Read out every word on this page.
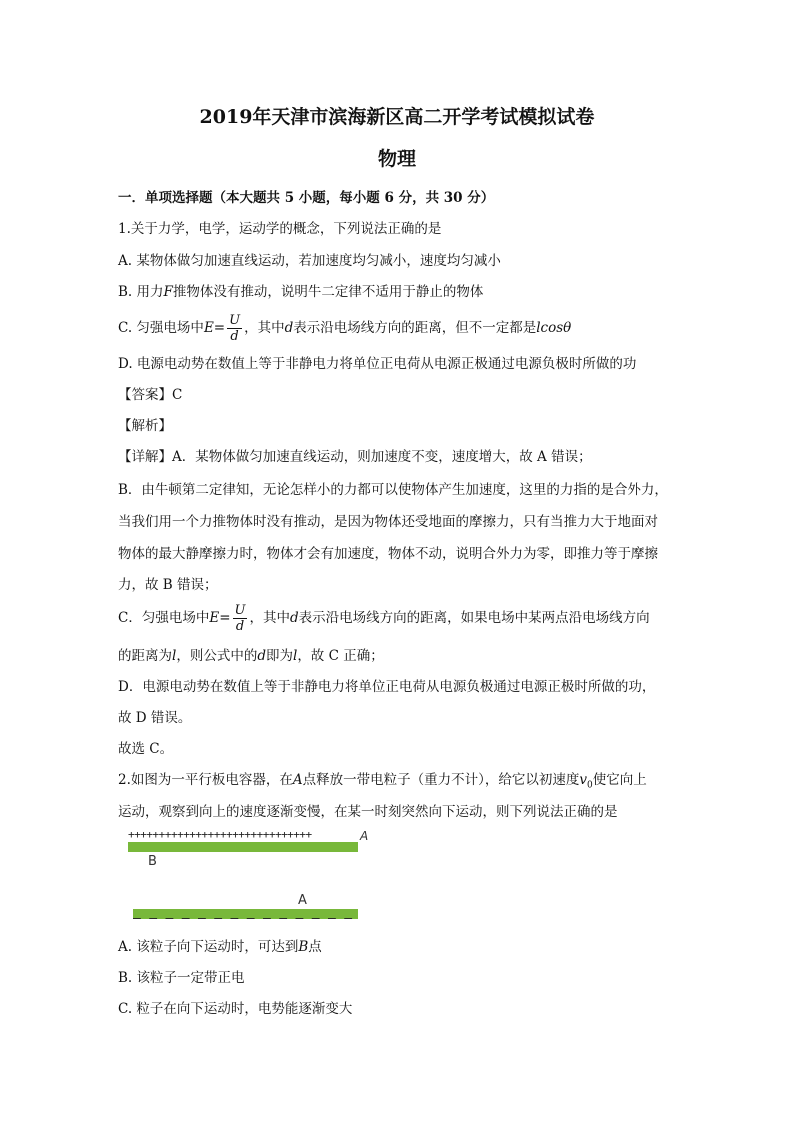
2019年天津市滨海新区高二开学考试模拟试卷
物理
一．单项选择题（本大题共 5 小题，每小题 6 分，共 30 分）
1.关于力学，电学，运动学的概念，下列说法正确的是
A. 某物体做匀加速直线运动，若加速度均匀减小，速度均匀减小
B. 用力F推物体没有推动，说明牛二定律不适用于静止的物体
C. 匀强电场中$E= \frac{U}{d}$ ，其中d表示沿电场线方向的距离，但不一定都是lcosθ
D. 电源电动势在数值上等于非静电力将单位正电荷从电源正极通过电源负极时所做的功
【答案】C
【解析】
【详解】A．某物体做匀加速直线运动，则加速度不变，速度增大，故 A 错误；
B．由牛顿第二定律知，无论怎样小的力都可以使物体产生加速度，这里的力指的是合外力，
当我们用一个力推物体时没有推动，是因为物体还受地面的摩擦力，只有当推力大于地面对
物体的最大静摩擦力时，物体才会有加速度，物体不动，说明合外力为零，即推力等于摩擦
力，故 B 错误；
C．匀强电场中$E= \frac{U}{d}$ ，其中d表示沿电场线方向的距离，如果电场中某两点沿电场线方向
的距离为l，则公式中的d即为l，故 C 正确；
D．电源电动势在数值上等于非静电力将单位正电荷从电源负极通过电源正极时所做的功，
故 D 错误。
故选 C。
2.如图为一平行板电容器，在A点释放一带电粒子（重力不计），给它以初速度$v_0$使它向上
运动，观察到向上的速度逐渐变慢，在某一时刻突然向下运动，则下列说法正确的是
++++++++++++++++++++++++++++++	A
B
A
— — — — — — — — — — — — — —
A. 该粒子向下运动时，可达到B点
B. 该粒子一定带正电
C. 粒子在向下运动时，电势能逐渐变大
